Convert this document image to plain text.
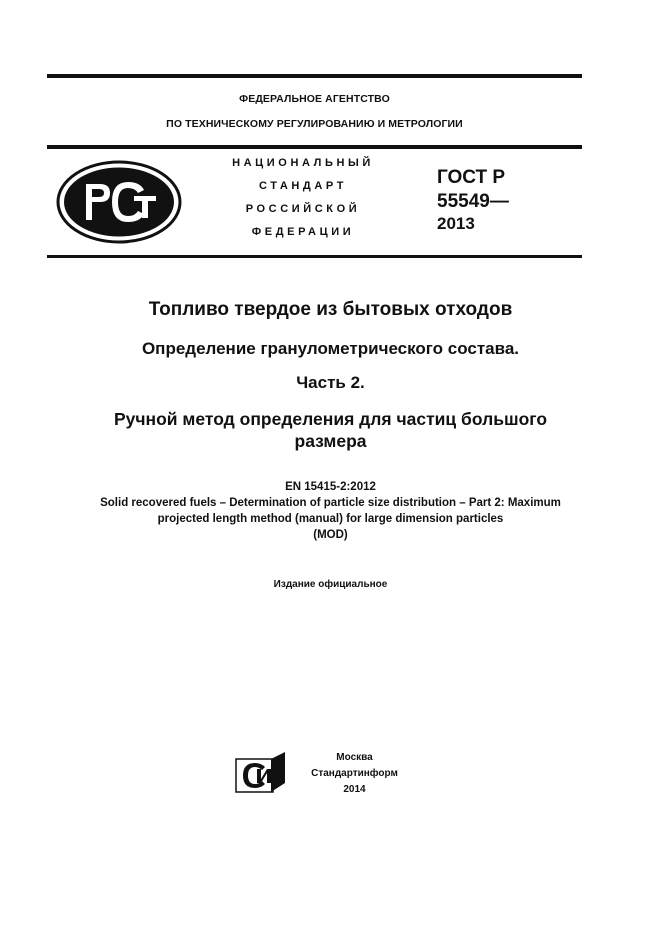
ФЕДЕРАЛЬНОЕ АГЕНТСТВО
ПО ТЕХНИЧЕСКОМУ РЕГУЛИРОВАНИЮ И МЕТРОЛОГИИ
НАЦИОНАЛЬНЫЙ
СТАНДАРТ
РОССИЙСКОЙ
ФЕДЕРАЦИИ
ГОСТ Р
55549—
2013
Топливо твердое из бытовых отходов
Определение гранулометрического состава.
Часть 2.
Ручной метод определения для частиц большого
размера
EN 15415-2:2012
Solid recovered fuels – Determination of particle size distribution – Part 2: Maximum
projected length method (manual) for large dimension particles
(MOD)
Издание официальное
Москва
Стандартинформ
2014
